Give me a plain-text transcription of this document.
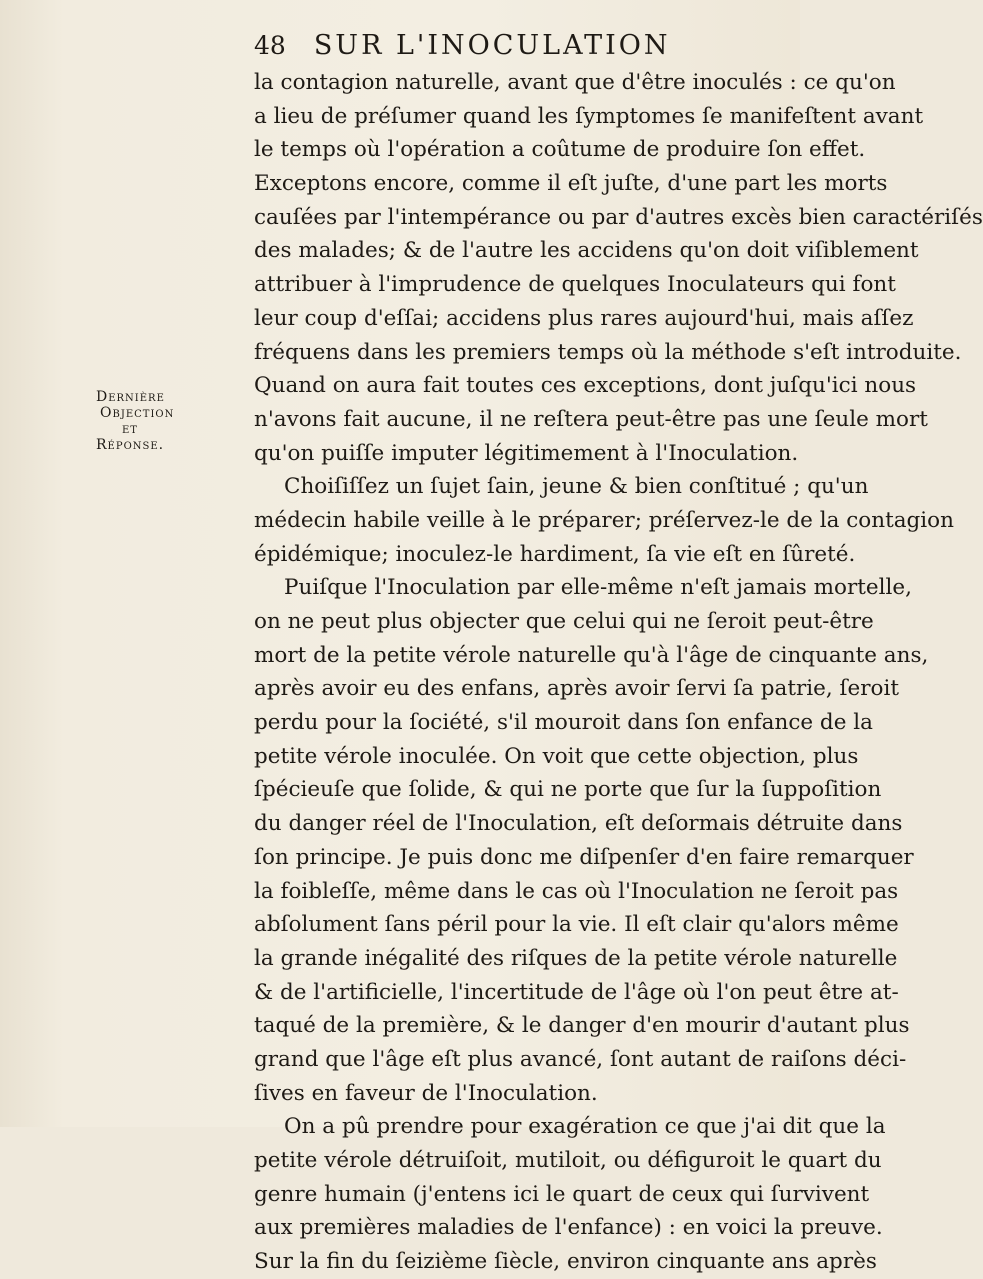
48 SUR L'INOCULATION
Dernière
Objection
et
Réponse.
la contagion naturelle, avant que d'être inoculés : ce qu'on
a lieu de préſumer quand les ſymptomes ſe manifeſtent avant
le temps où l'opération a coûtume de produire ſon effet.
Exceptons encore, comme il eſt juſte, d'une part les morts
cauſées par l'intempérance ou par d'autres excès bien caractériſés
des malades; & de l'autre les accidens qu'on doit viſiblement
attribuer à l'imprudence de quelques Inoculateurs qui font
leur coup d'eſſai; accidens plus rares aujourd'hui, mais aſſez
fréquens dans les premiers temps où la méthode s'eſt introduite.
Quand on aura fait toutes ces exceptions, dont juſqu'ici nous
n'avons fait aucune, il ne reſtera peut-être pas une ſeule mort
qu'on puiſſe imputer légitimement à l'Inoculation.
Choiſiſſez un ſujet ſain, jeune & bien conſtitué ; qu'un
médecin habile veille à le préparer; préſervez-le de la contagion
épidémique; inoculez-le hardiment, ſa vie eſt en ſûreté.
Puiſque l'Inoculation par elle-même n'eſt jamais mortelle,
on ne peut plus objecter que celui qui ne ſeroit peut-être
mort de la petite vérole naturelle qu'à l'âge de cinquante ans,
après avoir eu des enfans, après avoir ſervi ſa patrie, ſeroit
perdu pour la ſociété, s'il mouroit dans ſon enfance de la
petite vérole inoculée. On voit que cette objection, plus
ſpécieuſe que ſolide, & qui ne porte que ſur la ſuppoſition
du danger réel de l'Inoculation, eſt deſormais détruite dans
ſon principe. Je puis donc me diſpenſer d'en faire remarquer
la foibleſſe, même dans le cas où l'Inoculation ne ſeroit pas
abſolument ſans péril pour la vie. Il eſt clair qu'alors même
la grande inégalité des riſques de la petite vérole naturelle
& de l'artificielle, l'incertitude de l'âge où l'on peut être at-
taqué de la première, & le danger d'en mourir d'autant plus
grand que l'âge eſt plus avancé, ſont autant de raiſons déci-
ſives en faveur de l'Inoculation.
On a pû prendre pour exagération ce que j'ai dit que la
petite vérole détruiſoit, mutiloit, ou défiguroit le quart du
genre humain (j'entens ici le quart de ceux qui ſurvivent
aux premières maladies de l'enfance) : en voici la preuve.
Sur la fin du ſeizième ſiècle, environ cinquante ans après
